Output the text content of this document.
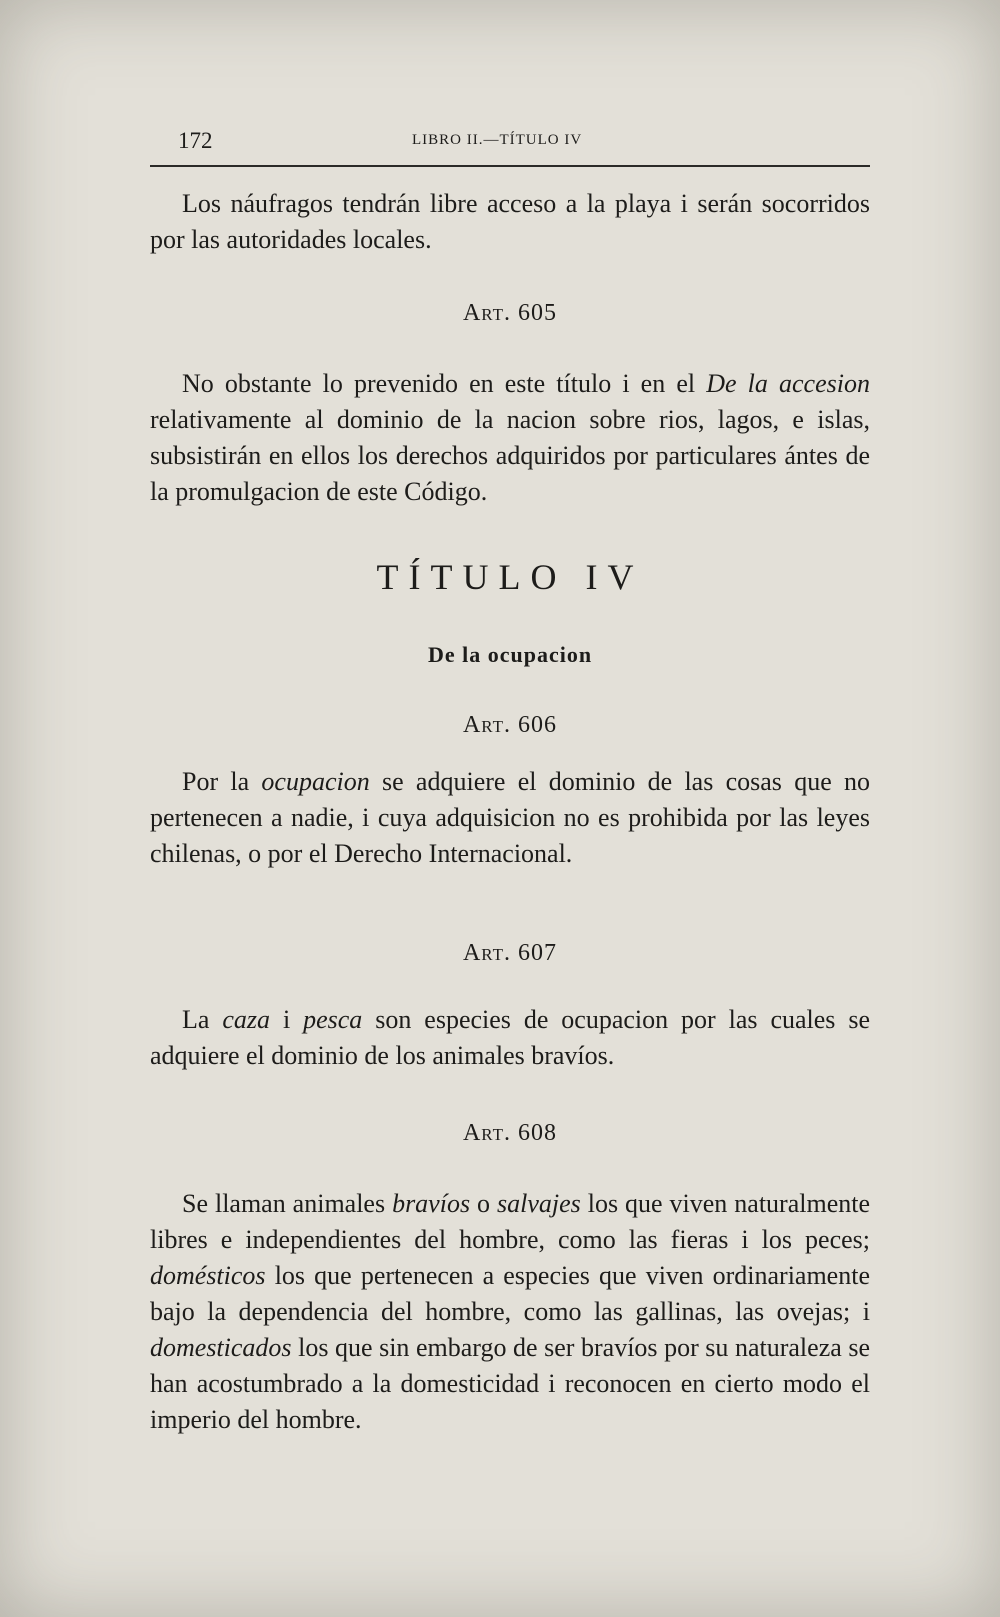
172	LIBRO II.—TÍTULO IV

Los náufragos tendrán libre acceso a la playa i serán socorridos por las autoridades locales.

Art. 605

No obstante lo prevenido en este título i en el De la accesion relativamente al dominio de la nacion sobre rios, lagos, e islas, subsistirán en ellos los derechos adquiridos por particulares ántes de la promulgacion de este Código.

TÍTULO IV
De la ocupacion
Art. 606

Por la ocupacion se adquiere el dominio de las cosas que no pertenecen a nadie, i cuya adquisicion no es prohibida por las leyes chilenas, o por el Derecho Internacional.

Art. 607

La caza i pesca son especies de ocupacion por las cuales se adquiere el dominio de los animales bravíos.

Art. 608

Se llaman animales bravíos o salvajes los que viven naturalmente libres e independientes del hombre, como las fieras i los peces; domésticos los que pertenecen a especies que viven ordinariamente bajo la dependencia del hombre, como las gallinas, las ovejas; i domesticados los que sin embargo de ser bravíos por su naturaleza se han acostumbrado a la domesticidad i reconocen en cierto modo el imperio del hombre.
